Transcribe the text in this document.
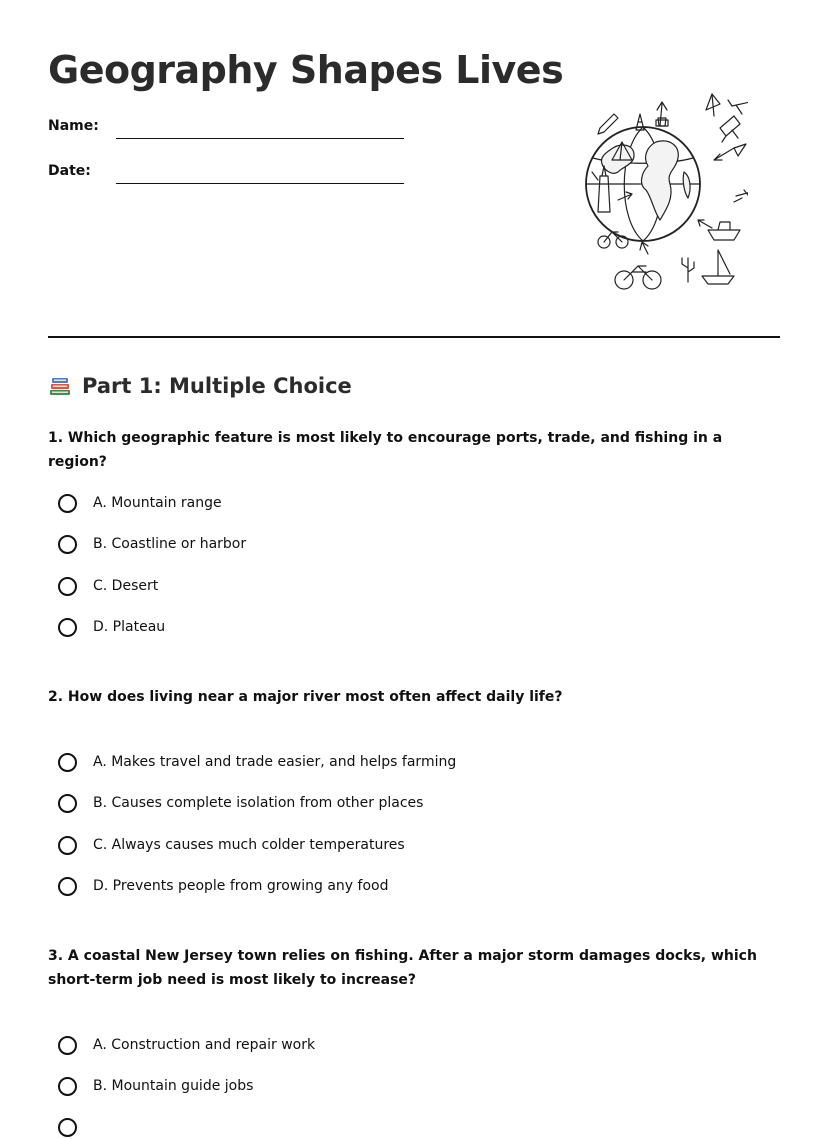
Geography Shapes Lives
Name:
Date:
Part 1: Multiple Choice

1. Which geographic feature is most likely to encourage ports, trade, and fishing in a region?

A. Mountain range
B. Coastline or harbor
C. Desert
D. Plateau

2. How does living near a major river most often affect daily life?

A. Makes travel and trade easier, and helps farming
B. Causes complete isolation from other places
C. Always causes much colder temperatures
D. Prevents people from growing any food

3. A coastal New Jersey town relies on fishing. After a major storm damages docks, which short-term job need is most likely to increase?

A. Construction and repair work
B. Mountain guide jobs
